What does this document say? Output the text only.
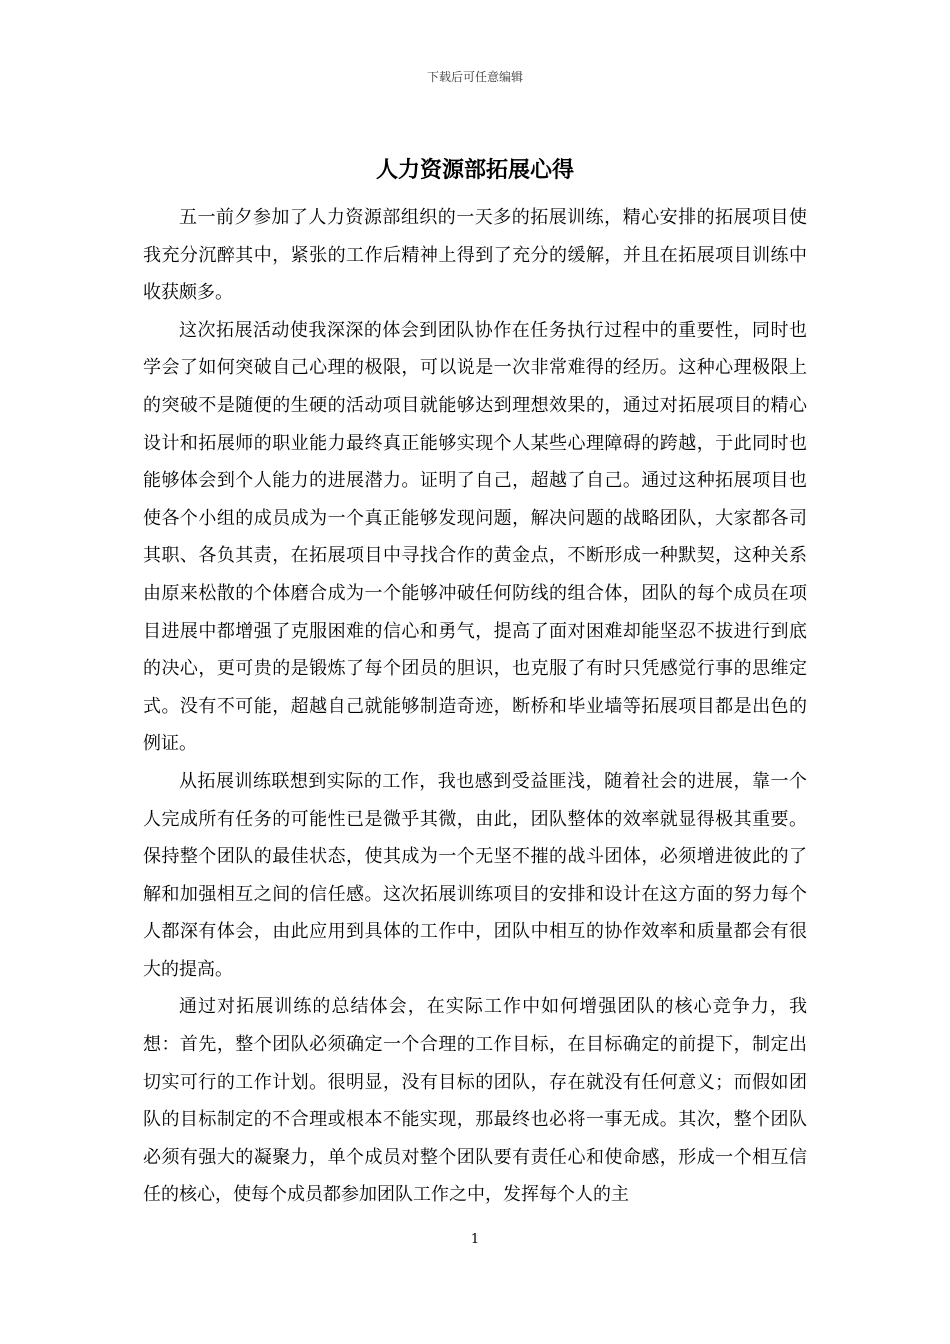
下载后可任意编辑
人力资源部拓展心得

五一前夕参加了人力资源部组织的一天多的拓展训练，精心安排的拓展项目使我充分沉醉其中，紧张的工作后精神上得到了充分的缓解，并且在拓展项目训练中收获颇多。

这次拓展活动使我深深的体会到团队协作在任务执行过程中的重要性，同时也学会了如何突破自己心理的极限，可以说是一次非常难得的经历。这种心理极限上的突破不是随便的生硬的活动项目就能够达到理想效果的，通过对拓展项目的精心设计和拓展师的职业能力最终真正能够实现个人某些心理障碍的跨越，于此同时也能够体会到个人能力的进展潜力。证明了自己，超越了自己。通过这种拓展项目也使各个小组的成员成为一个真正能够发现问题，解决问题的战略团队，大家都各司其职、各负其责，在拓展项目中寻找合作的黄金点，不断形成一种默契，这种关系由原来松散的个体磨合成为一个能够冲破任何防线的组合体，团队的每个成员在项目进展中都增强了克服困难的信心和勇气，提高了面对困难却能坚忍不拔进行到底的决心，更可贵的是锻炼了每个团员的胆识，也克服了有时只凭感觉行事的思维定式。没有不可能，超越自己就能够制造奇迹，断桥和毕业墙等拓展项目都是出色的例证。

从拓展训练联想到实际的工作，我也感到受益匪浅，随着社会的进展，靠一个人完成所有任务的可能性已是微乎其微，由此，团队整体的效率就显得极其重要。保持整个团队的最佳状态，使其成为一个无坚不摧的战斗团体，必须增进彼此的了解和加强相互之间的信任感。这次拓展训练项目的安排和设计在这方面的努力每个人都深有体会，由此应用到具体的工作中，团队中相互的协作效率和质量都会有很大的提高。

通过对拓展训练的总结体会，在实际工作中如何增强团队的核心竞争力，我想：首先，整个团队必须确定一个合理的工作目标，在目标确定的前提下，制定出切实可行的工作计划。很明显，没有目标的团队，存在就没有任何意义；而假如团队的目标制定的不合理或根本不能实现，那最终也必将一事无成。其次，整个团队必须有强大的凝聚力，单个成员对整个团队要有责任心和使命感，形成一个相互信任的核心，使每个成员都参加团队工作之中，发挥每个人的主

1
